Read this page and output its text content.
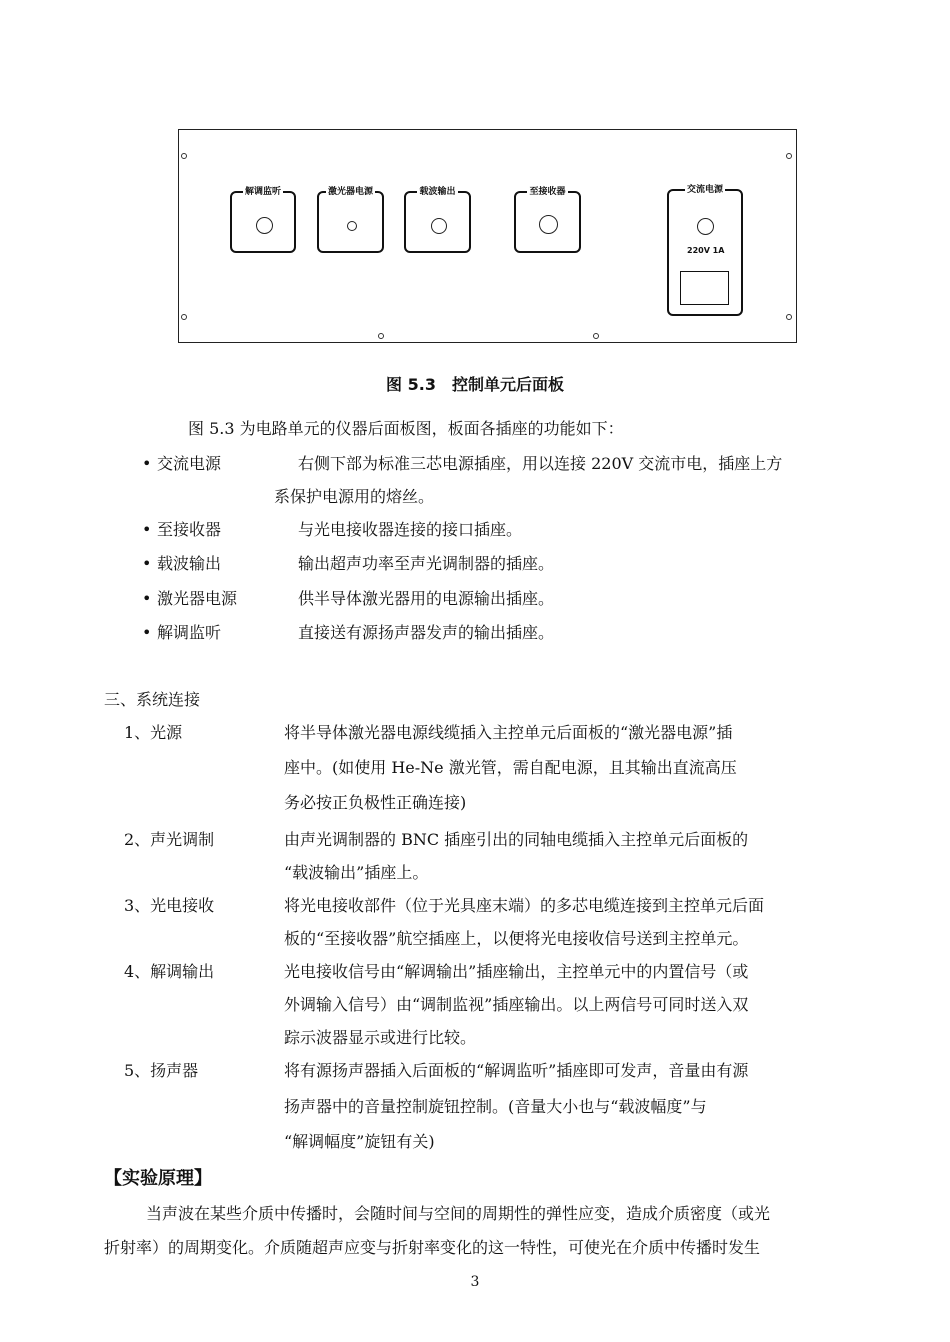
解调监听	激光器电源	载波输出	至接收器	交流电源
220V 1A
图 5.3　控制单元后面板
图 5.3 为电路单元的仪器后面板图，板面各插座的功能如下：
• 交流电源	右侧下部为标准三芯电源插座，用以连接 220V 交流市电，插座上方
系保护电源用的熔丝。
• 至接收器	与光电接收器连接的接口插座。
• 载波输出	输出超声功率至声光调制器的插座。
• 激光器电源	供半导体激光器用的电源输出插座。
• 解调监听	直接送有源扬声器发声的输出插座。
三、系统连接
1、光源	将半导体激光器电源线缆插入主控单元后面板的“激光器电源”插
座中。(如使用 He-Ne 激光管，需自配电源，且其输出直流高压
务必按正负极性正确连接)
2、声光调制	由声光调制器的 BNC 插座引出的同轴电缆插入主控单元后面板的
“载波输出”插座上。
3、光电接收	将光电接收部件（位于光具座末端）的多芯电缆连接到主控单元后面
板的“至接收器”航空插座上，以便将光电接收信号送到主控单元。
4、解调输出	光电接收信号由“解调输出”插座输出，主控单元中的内置信号（或
外调输入信号）由“调制监视”插座输出。以上两信号可同时送入双
踪示波器显示或进行比较。
5、扬声器	将有源扬声器插入后面板的“解调监听”插座即可发声，音量由有源
扬声器中的音量控制旋钮控制。(音量大小也与“载波幅度”与
“解调幅度”旋钮有关)
【实验原理】
当声波在某些介质中传播时，会随时间与空间的周期性的弹性应变，造成介质密度（或光
折射率）的周期变化。介质随超声应变与折射率变化的这一特性，可使光在介质中传播时发生
3
